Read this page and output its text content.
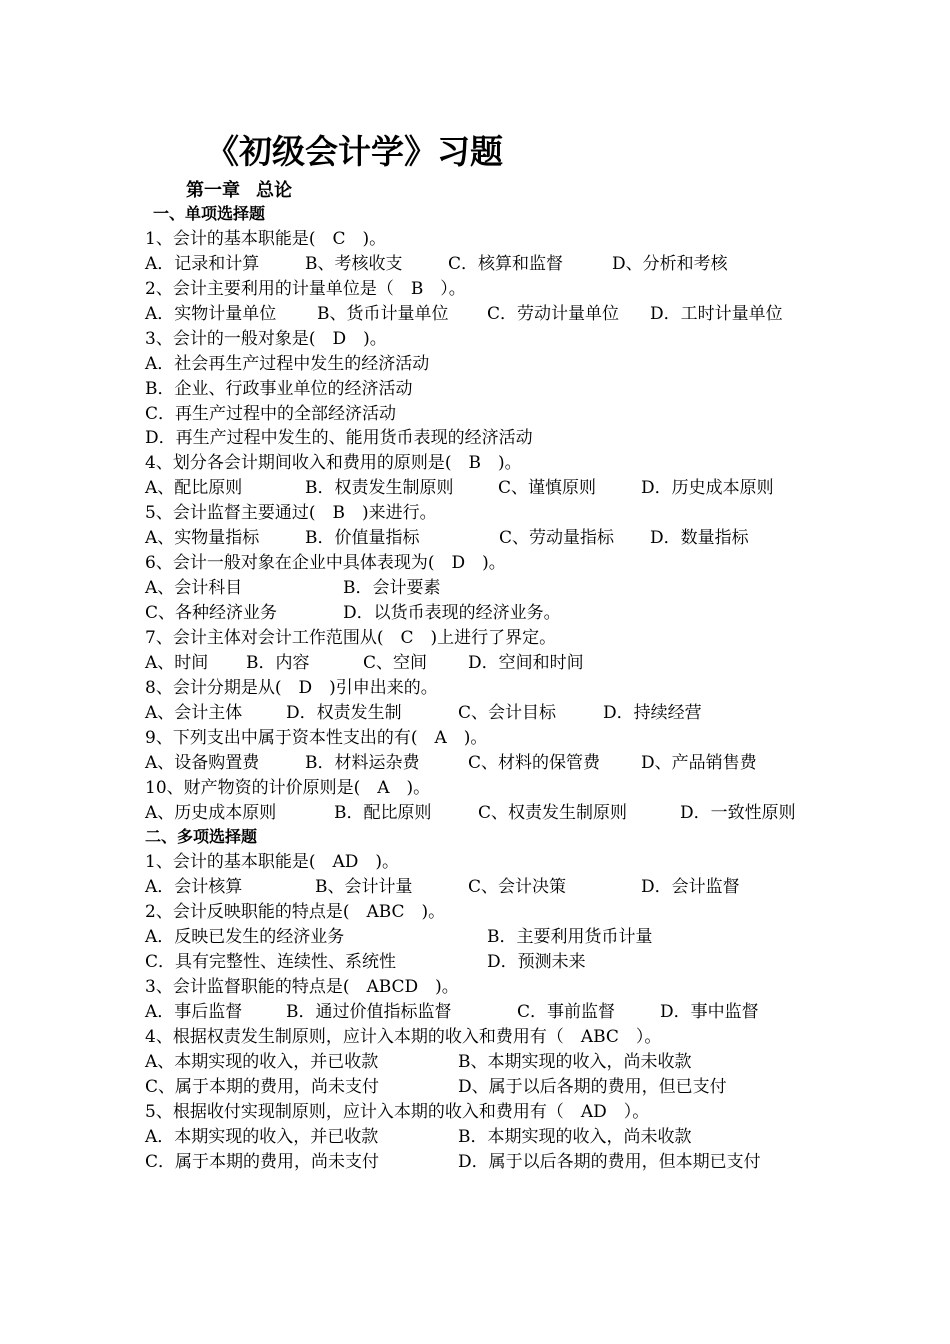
《初级会计学》习题
第一章 总论
一、单项选择题
1、会计的基本职能是(　C　)。
A．记录和计算	B、考核收支	C．核算和监督	D、分析和考核
2、会计主要利用的计量单位是（　B　）。
A．实物计量单位 B、货币计量单位 C．劳动计量单位 D．工时计量单位
3、会计的一般对象是(　D　)。
A．社会再生产过程中发生的经济活动
B．企业、行政事业单位的经济活动
C．再生产过程中的全部经济活动
D．再生产过程中发生的、能用货币表现的经济活动
4、划分各会计期间收入和费用的原则是(　B　)。
A、配比原则	B．权责发生制原则	C、谨慎原则	D．历史成本原则
5、会计监督主要通过(　B　)来进行。
A、实物量指标	B．价值量指标	C、劳动量指标 D．数量指标
6、会计一般对象在企业中具体表现为(　D　)。
A、会计科目	B．会计要素
C、各种经济业务	D．以货币表现的经济业务。
7、会计主体对会计工作范围从(　C　)上进行了界定。
A、时间 B．内容	C、空间 D．空间和时间
8、会计分期是从(　D　)引申出来的。
A、会计主体	D．权责发生制	C、会计目标	D．持续经营
9、下列支出中属于资本性支出的有(　A　)。
A、设备购置费	B．材料运杂费	C、材料的保管费 D、产品销售费
10、财产物资的计价原则是(　A　)。
A、历史成本原则	B．配比原则	C、权责发生制原则	D．一致性原则
二、多项选择题
1、会计的基本职能是(　AD　)。
A．会计核算	B、会计计量	C、会计决策	D．会计监督
2、会计反映职能的特点是(　ABC　)。
A．反映已发生的经济业务	B．主要利用货币计量
C．具有完整性、连续性、系统性	D．预测未来
3、会计监督职能的特点是(　ABCD　)。
A．事后监督	B．通过价值指标监督	C．事前监督	D．事中监督
4、根据权责发生制原则，应计入本期的收入和费用有（　ABC　）。
A、本期实现的收入，并已收款	B、本期实现的收入，尚未收款
C、属于本期的费用，尚未支付	D、属于以后各期的费用，但已支付
5、根据收付实现制原则，应计入本期的收入和费用有（　AD　）。
A．本期实现的收入，并已收款	B．本期实现的收入，尚未收款
C．属于本期的费用，尚未支付	D．属于以后各期的费用，但本期已支付
